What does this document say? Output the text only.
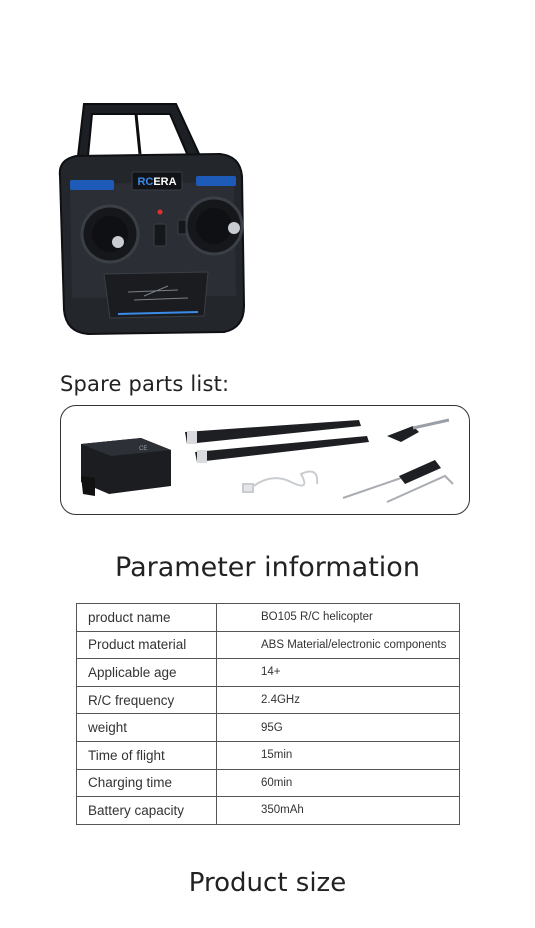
RCERA
Spare parts list:
CE
Parameter information
product name	BO105 R/C helicopter
Product material	ABS Material/electronic components
Applicable age	14+
R/C frequency	2.4GHz
weight	95G
Time of flight	15min
Charging time	60min
Battery capacity	350mAh
Product size
